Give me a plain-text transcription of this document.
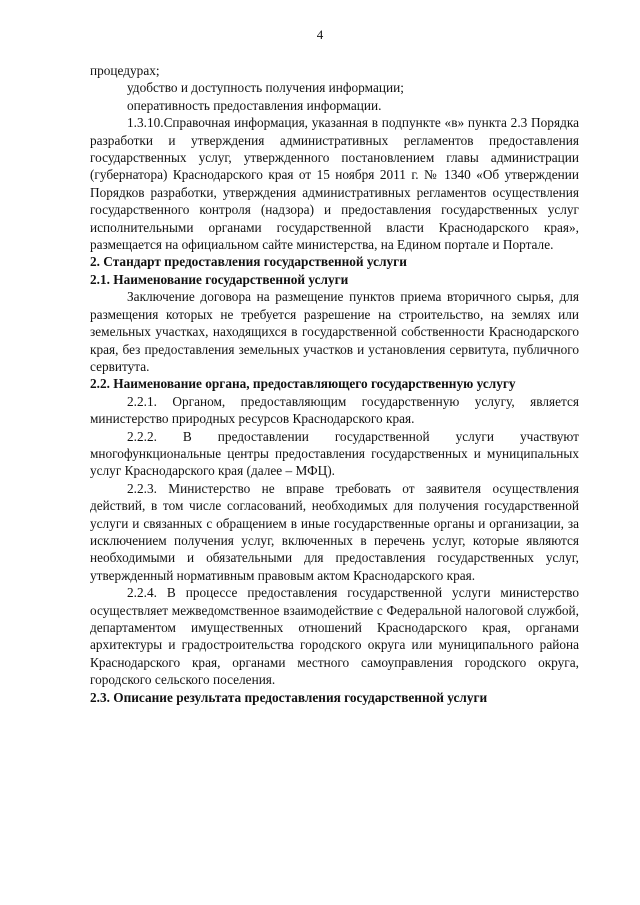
4

процедурах;

удобство и доступность получения информации;

оперативность предоставления информации.

1.3.10.Справочная информация, указанная в подпункте «в» пункта 2.3 Порядка разработки и утверждения административных регламентов предоставления государственных услуг, утвержденного постановлением главы администрации (губернатора) Краснодарского края от 15 ноября 2011 г. № 1340 «Об утверждении Порядков разработки, утверждения административных регламентов осуществления государственного контроля (надзора) и предоставления государственных услуг исполнительными органами государственной власти Краснодарского края», размещается на официальном сайте министерства, на Едином портале и Портале.

2. Стандарт предоставления государственной услуги

2.1. Наименование государственной услуги

Заключение договора на размещение пунктов приема вторичного сырья, для размещения которых не требуется разрешение на строительство, на землях или земельных участках, находящихся в государственной собственности Краснодарского края, без предоставления земельных участков и установления сервитута, публичного сервитута.

2.2. Наименование органа, предоставляющего государственную услугу

2.2.1. Органом, предоставляющим государственную услугу, является министерство природных ресурсов Краснодарского края.

2.2.2. В предоставлении государственной услуги участвуют многофункциональные центры предоставления государственных и муниципальных услуг Краснодарского края (далее – МФЦ).

2.2.3. Министерство не вправе требовать от заявителя осуществления действий, в том числе согласований, необходимых для получения государственной услуги и связанных с обращением в иные государственные органы и организации, за исключением получения услуг, включенных в перечень услуг, которые являются необходимыми и обязательными для предоставления государственных услуг, утвержденный нормативным правовым актом Краснодарского края.

2.2.4. В процессе предоставления государственной услуги министерство осуществляет межведомственное взаимодействие с Федеральной налоговой службой, департаментом имущественных отношений Краснодарского края, органами архитектуры и градостроительства городского округа или муниципального района Краснодарского края, органами местного самоуправления городского округа, городского сельского поселения.

2.3. Описание результата предоставления государственной услуги
